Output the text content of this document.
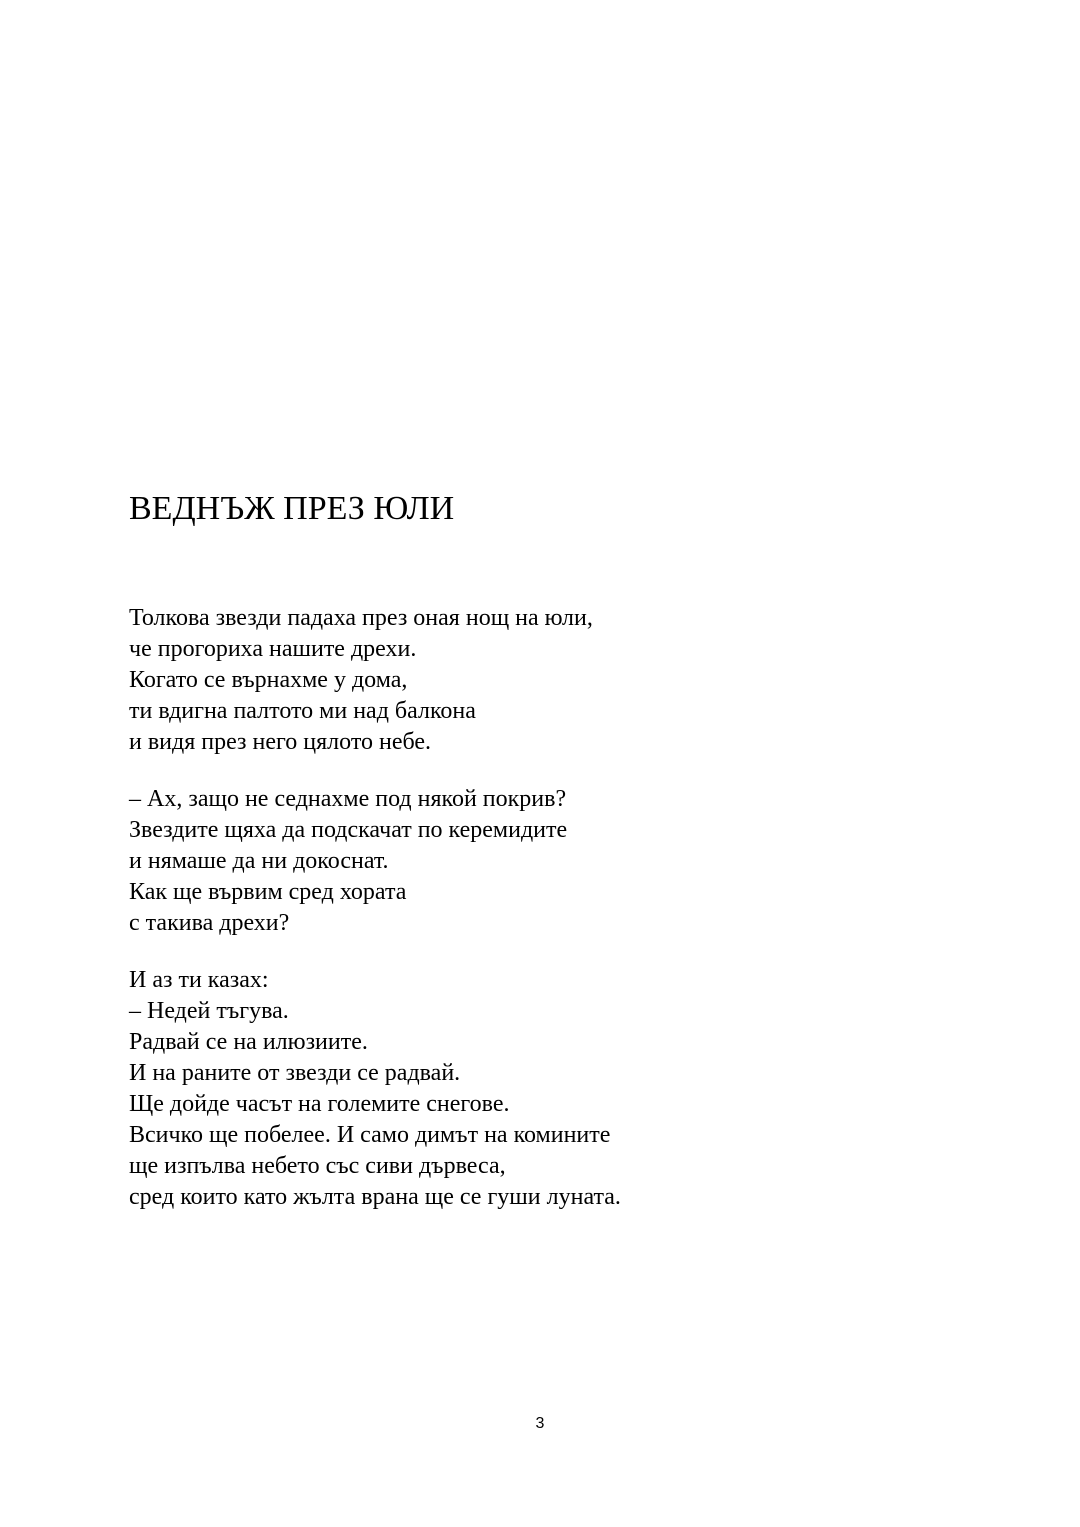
ВЕДНЪЖ ПРЕЗ ЮЛИ
Толкова звезди падаха през оная нощ на юли,
че прогориха нашите дрехи.
Когато се върнахме у дома,
ти вдигна палтото ми над балкона
и видя през него цялото небе.
– Ах, защо не седнахме под някой покрив?
Звездите щяха да подскачат по керемидите
и нямаше да ни докоснат.
Как ще вървим сред хората
с такива дрехи?
И аз ти казах:
– Недей тъгува.
Радвай се на илюзиите.
И на раните от звезди се радвай.
Ще дойде часът на големите снегове.
Всичко ще побелее. И само димът на комините
ще изпълва небето със сиви дървеса,
сред които като жълта врана ще се гуши луната.
3
